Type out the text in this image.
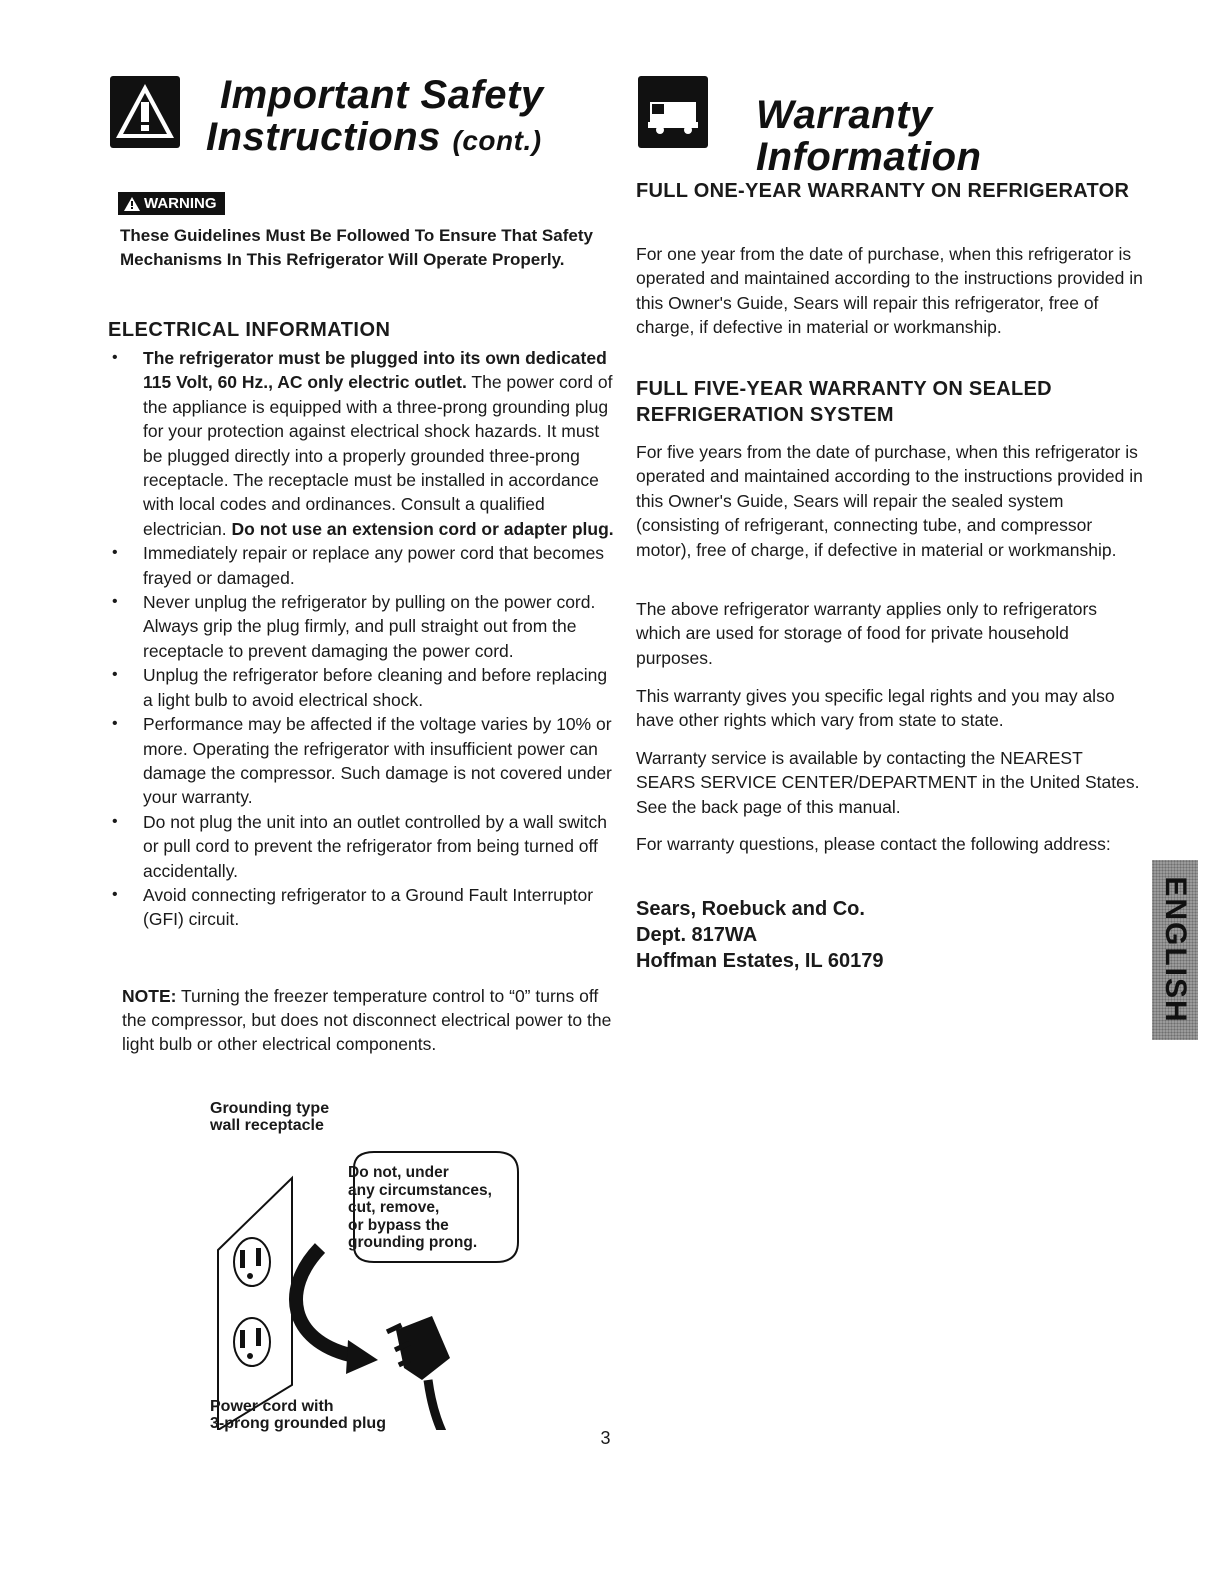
Important Safety
Instructions (cont.)
WARNING
These Guidelines Must Be Followed To Ensure That Safety Mechanisms In This Refrigerator Will Operate Properly.
ELECTRICAL INFORMATION
• The refrigerator must be plugged into its own dedicated 115 Volt, 60 Hz., AC only electric outlet. The power cord of the appliance is equipped with a three-prong grounding plug for your protection against electrical shock hazards. It must be plugged directly into a properly grounded three-prong receptacle. The receptacle must be installed in accordance with local codes and ordinances. Consult a qualified electrician. Do not use an extension cord or adapter plug.
• Immediately repair or replace any power cord that becomes frayed or damaged.
• Never unplug the refrigerator by pulling on the power cord. Always grip the plug firmly, and pull straight out from the receptacle to prevent damaging the power cord.
• Unplug the refrigerator before cleaning and before replacing a light bulb to avoid electrical shock.
• Performance may be affected if the voltage varies by 10% or more. Operating the refrigerator with insufficient power can damage the compressor. Such damage is not covered under your warranty.
• Do not plug the unit into an outlet controlled by a wall switch or pull cord to prevent the refrigerator from being turned off accidentally.
• Avoid connecting refrigerator to a Ground Fault Interruptor (GFI) circuit.
NOTE: Turning the freezer temperature control to “0” turns off the compressor, but does not disconnect electrical power to the light bulb or other electrical components.
Grounding type
wall receptacle
Do not, under
any circumstances,
cut, remove,
or bypass the
grounding prong.
Power cord with
3-prong grounded plug
Warranty Information
FULL ONE-YEAR WARRANTY ON REFRIGERATOR
For one year from the date of purchase, when this refrigerator is operated and maintained according to the instructions provided in this Owner's Guide, Sears will repair this refrigerator, free of charge, if defective in material or workmanship.
FULL FIVE-YEAR WARRANTY ON SEALED REFRIGERATION SYSTEM
For five years from the date of purchase, when this refrigerator is operated and maintained according to the instructions provided in this Owner's Guide, Sears will repair the sealed system (consisting of refrigerant, connecting tube, and compressor motor), free of charge, if defective in material or workmanship.
The above refrigerator warranty applies only to refrigerators which are used for storage of food for private household purposes.
This warranty gives you specific legal rights and you may also have other rights which vary from state to state.
Warranty service is available by contacting the NEAREST SEARS SERVICE CENTER/DEPARTMENT in the United States. See the back page of this manual.
For warranty questions, please contact the following address:
Sears, Roebuck and Co.
Dept. 817WA
Hoffman Estates, IL 60179	ENGLISH
3
